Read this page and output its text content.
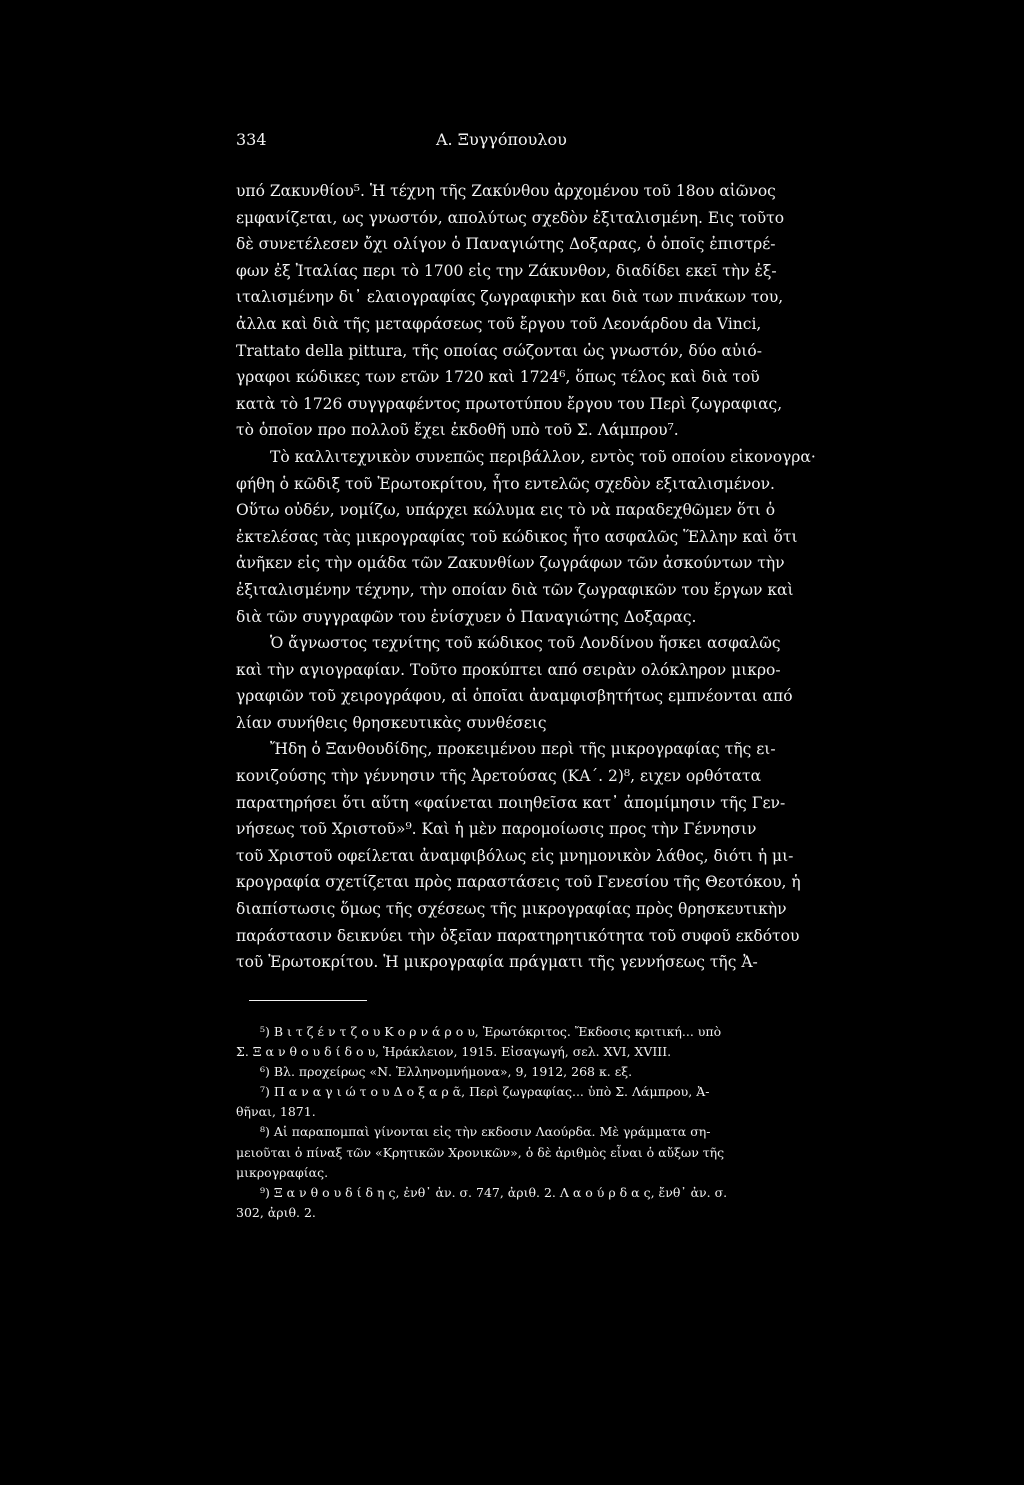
334	Α. Ξυγγόπουλου
υπό Ζακυνθίου⁵. Ἡ τέχνη τῆς Ζακύνθου ἀρχομένου τοῦ 18ου αἰῶνος
εμφανίζεται, ως γνωστόν, απολύτως σχεδὸν ἐξιταλισμένη. Εις τοῦτο
δὲ συνετέλεσεν ὄχι ολίγον ὁ Παναγιώτης Δοξαρας, ὁ ὁποῖς ἐπιστρέ-
φων ἐξ Ἰταλίας περι τὸ 1700 εἰς την Ζάκυνθον, διαδίδει εκεῖ τὴν ἐξ-
ιταλισμένην δι᾿ ελαιογραφίας ζωγραφικὴν και διὰ των πινάκων του,
ἀλλα καὶ διὰ τῆς μεταφράσεως τοῦ ἔργου τοῦ Λεονάρδου da Vinci,
Trattato della pittura, τῆς οποίας σώζονται ὡς γνωστόν, δύο αὐιό-
γραφοι κώδικες των ετῶν 1720 καὶ 1724⁶, ὅπως τέλος καὶ διὰ τοῦ
κατὰ τὸ 1726 συγγραφέντος πρωτοτύπου ἔργου του Περὶ ζωγραφιας,
τὸ ὁποῖον προ πολλοῦ ἔχει ἐκδοθῆ υπὸ τοῦ Σ. Λάμπρου⁷.
Τὸ καλλιτεχνικὸν συνεπῶς περιβάλλον, εντὸς τοῦ οποίου εἰκονογρα·
φήθη ὁ κῶδιξ τοῦ Ἐρωτοκρίτου, ἦτο εντελῶς σχεδὸν εξιταλισμένον.
Οὕτω οὐδέν, νομίζω, υπάρχει κώλυμα εις τὸ νὰ παραδεχθῶμεν ὅτι ὁ
ἐκτελέσας τὰς μικρογραφίας τοῦ κώδικος ἦτο ασφαλῶς Ἕλλην καὶ ὅτι
ἀνῆκεν εἰς τὴν ομάδα τῶν Ζακυνθίων ζωγράφων τῶν ἀσκούντων τὴν
ἐξιταλισμένην τέχνην, τὴν οποίαν διὰ τῶν ζωγραφικῶν του ἔργων καὶ
διὰ τῶν συγγραφῶν του ἐνίσχυεν ὁ Παναγιώτης Δοξαρας.
Ὁ ἄγνωστος τεχνίτης τοῦ κώδικος τοῦ Λονδίνου ἤσκει ασφαλῶς
καὶ τὴν αγιογραφίαν. Τοῦτο προκύπτει από σειρὰν ολόκληρον μικρο-
γραφιῶν τοῦ χειρογράφου, αἱ ὁποῖαι ἀναμφισβητήτως εμπνέονται από
λίαν συνήθεις θρησκευτικὰς συνθέσεις
Ἤδη ὁ Ξανθουδίδης, προκειμένου περὶ τῆς μικρογραφίας τῆς ει-
κονιζούσης τὴν γέννησιν τῆς Ἀρετούσας (ΚΑ΄. 2)⁸, ειχεν ορθότατα
παρατηρήσει ὅτι αὕτη «φαίνεται ποιηθεῖσα κατ᾿ ἀπομίμησιν τῆς Γεν-
νήσεως τοῦ Χριστοῦ»⁹. Καὶ ἡ μὲν παρομοίωσις προς τὴν Γέννησιν
τοῦ Χριστοῦ οφείλεται ἀναμφιβόλως εἰς μνημονικὸν λάθος, διότι ἡ μι-
κρογραφία σχετίζεται πρὸς παραστάσεις τοῦ Γενεσίου τῆς Θεοτόκου, ἡ
διαπίστωσις ὅμως τῆς σχέσεως τῆς μικρογραφίας πρὸς θρησκευτικὴν
παράστασιν δεικνύει τὴν ὀξεῖαν παρατηρητικότητα τοῦ συφοῦ εκδότου
τοῦ Ἐρωτοκρίτου. Ἡ μικρογραφία πράγματι τῆς γεννήσεως τῆς Ἀ-
⁵) Β ι τ ζ έ ν τ ζ ο υ Κ ο ρ ν ά ρ ο υ, Ἐρωτόκριτος. Ἔκδοσις κριτική... υπὸ
Σ. Ξ α ν θ ο υ δ ί δ ο υ, Ἡράκλειον, 1915. Εἰσαγωγή, σελ. XVI, XVIII.
⁶) Βλ. προχείρως «Ν. Ἑλληνομνήμονα», 9, 1912, 268 κ. εξ.
⁷) Π α ν α γ ι ώ τ ο υ Δ ο ξ α ρ ᾶ, Περὶ ζωγραφίας... ὑπὸ Σ. Λάμπρου, Ἀ-
θῆναι, 1871.
⁸) Αἱ παραπομπαὶ γίνονται εἰς τὴν εκδοσιν Λαούρδα. Μὲ γράμματα ση-
μειοῦται ὁ πίναξ τῶν «Κρητικῶν Χρονικῶν», ὁ δὲ ἀριθμὸς εἶναι ὁ αὔξων τῆς
μικρογραφίας.
⁹) Ξ α ν θ ο υ δ ί δ η ς, ἐνθ᾿ ἀν. σ. 747, ἀριθ. 2. Λ α ο ύ ρ δ α ς, ἔνθ᾿ ἀν. σ.
302, ἀριθ. 2.
